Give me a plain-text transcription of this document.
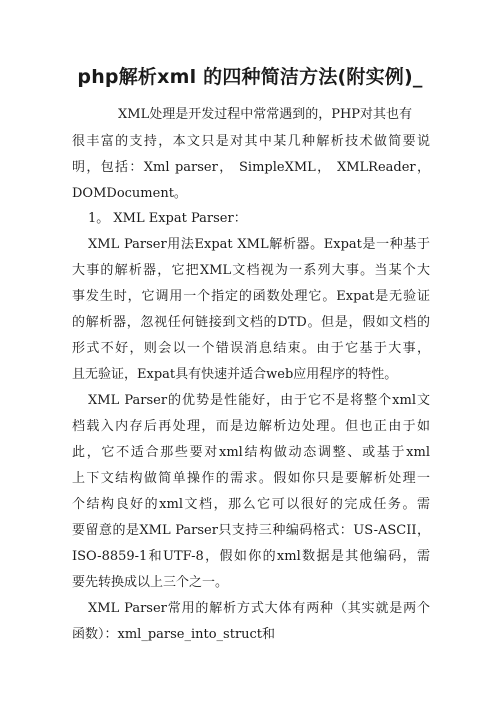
php解析xml 的四种简洁方法(附实例)_
XML处理是开发过程中常常遇到的，PHP对其也有
很丰富的支持，本文只是对其中某几种解析技术做简要说
明，包括：Xml parser， SimpleXML， XMLReader，
DOMDocument。
1。 XML Expat Parser：
XML Parser用法Expat XML解析器。Expat是一种基于
大事的解析器，它把XML文档视为一系列大事。当某个大
事发生时，它调用一个指定的函数处理它。Expat是无验证
的解析器，忽视任何链接到文档的DTD。但是，假如文档的
形式不好，则会以一个错误消息结束。由于它基于大事，
且无验证，Expat具有快速并适合web应用程序的特性。
XML Parser的优势是性能好，由于它不是将整个xml文
档载入内存后再处理，而是边解析边处理。但也正由于如
此，它不适合那些要对xml结构做动态调整、或基于xml
上下文结构做简单操作的需求。假如你只是要解析处理一
个结构良好的xml文档，那么它可以很好的完成任务。需
要留意的是XML Parser只支持三种编码格式：US-ASCII，
ISO-8859-1和UTF-8，假如你的xml数据是其他编码，需
要先转换成以上三个之一。
XML Parser常用的解析方式大体有两种（其实就是两个
函数）：xml_parse_into_struct和
